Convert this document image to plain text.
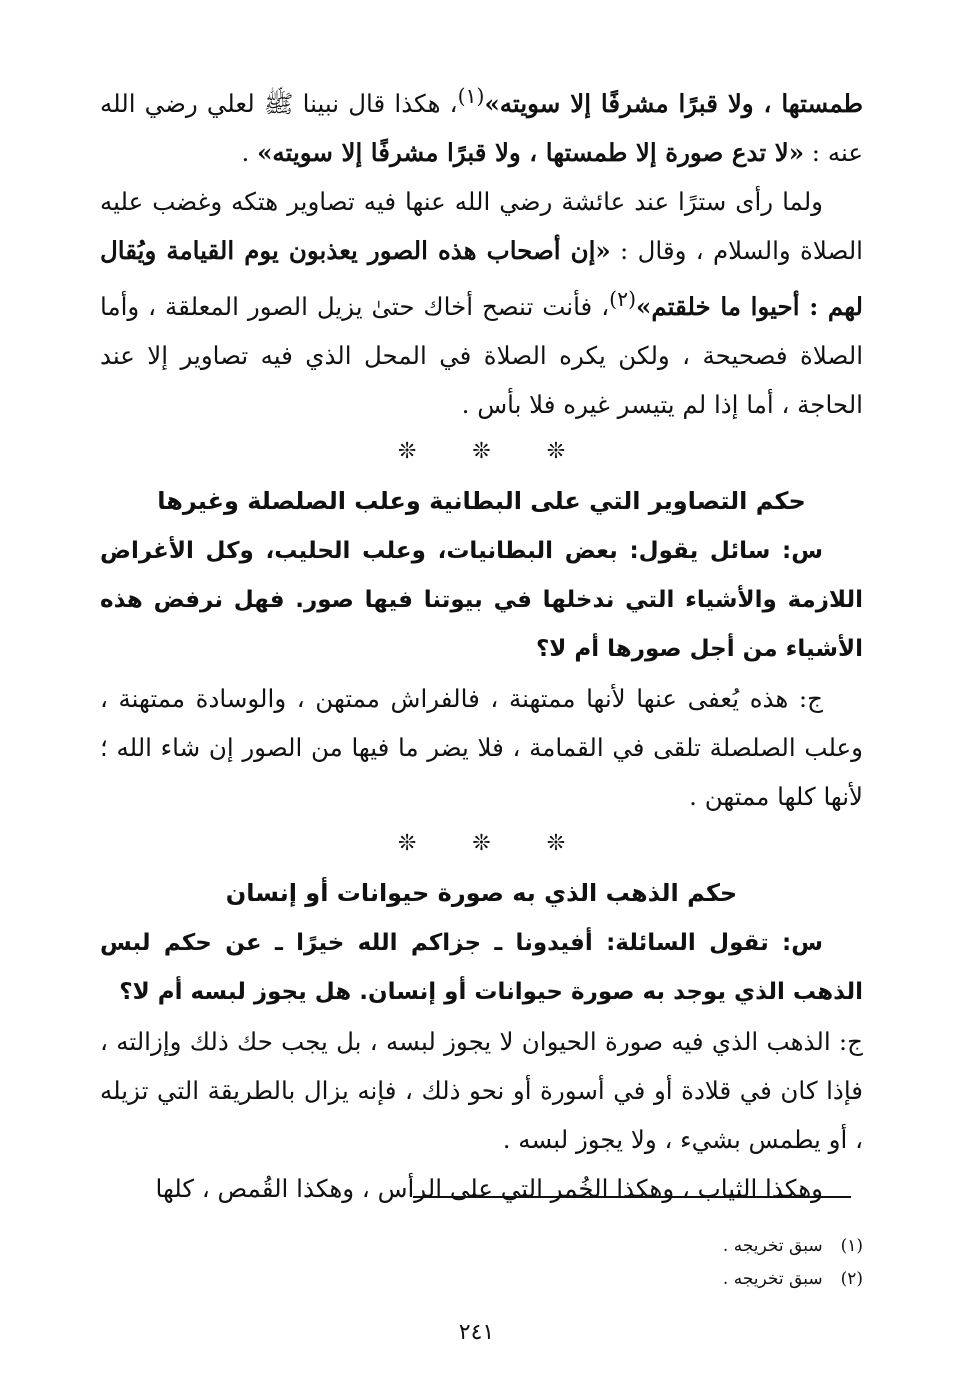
طمستها ، ولا قبرًا مشرفًا إلا سويته»$^{(١)}$، هكذا قال نبينا ﷺ لعلي رضي الله عنه : «لا تدع صورة إلا طمستها ، ولا قبرًا مشرفًا إلا سويته» .

ولما رأى سترًا عند عائشة رضي الله عنها فيه تصاوير هتكه وغضب عليه الصلاة والسلام ، وقال : «إن أصحاب هذه الصور يعذبون يوم القيامة ويُقال لهم : أحيوا ما خلقتم»$^{(٢)}$، فأنت تنصح أخاك حتىٰ يزيل الصور المعلقة ، وأما الصلاة فصحيحة ، ولكن يكره الصلاة في المحل الذي فيه تصاوير إلا عند الحاجة ، أما إذا لم يتيسر غيره فلا بأس .

❊❊❊
حكم التصاوير التي على البطانية وعلب الصلصلة وغيرها

س: سائل يقول: بعض البطانيات، وعلب الحليب، وكل الأغراض اللازمة والأشياء التي ندخلها في بيوتنا فيها صور. فهل نرفض هذه الأشياء من أجل صورها أم لا؟

ج: هذه يُعفى عنها لأنها ممتهنة ، فالفراش ممتهن ، والوسادة ممتهنة ، وعلب الصلصلة تلقى في القمامة ، فلا يضر ما فيها من الصور إن شاء الله ؛ لأنها كلها ممتهن .

❊❊❊
حكم الذهب الذي به صورة حيوانات أو إنسان

س: تقول السائلة: أفيدونا ـ جزاكم الله خيرًا ـ عن حكم لبس الذهب الذي يوجد به صورة حيوانات أو إنسان. هل يجوز لبسه أم لا؟

ج: الذهب الذي فيه صورة الحيوان لا يجوز لبسه ، بل يجب حك ذلك وإزالته ، فإذا كان في قلادة أو في أسورة أو نحو ذلك ، فإنه يزال بالطريقة التي تزيله ، أو يطمس بشيء ، ولا يجوز لبسه .

وهكذا الثياب ، وهكذا الخُمر التي على الرأس ، وهكذا القُمص ، كلها

(١)سبق تخريجه .
(٢)سبق تخريجه .
٢٤١
